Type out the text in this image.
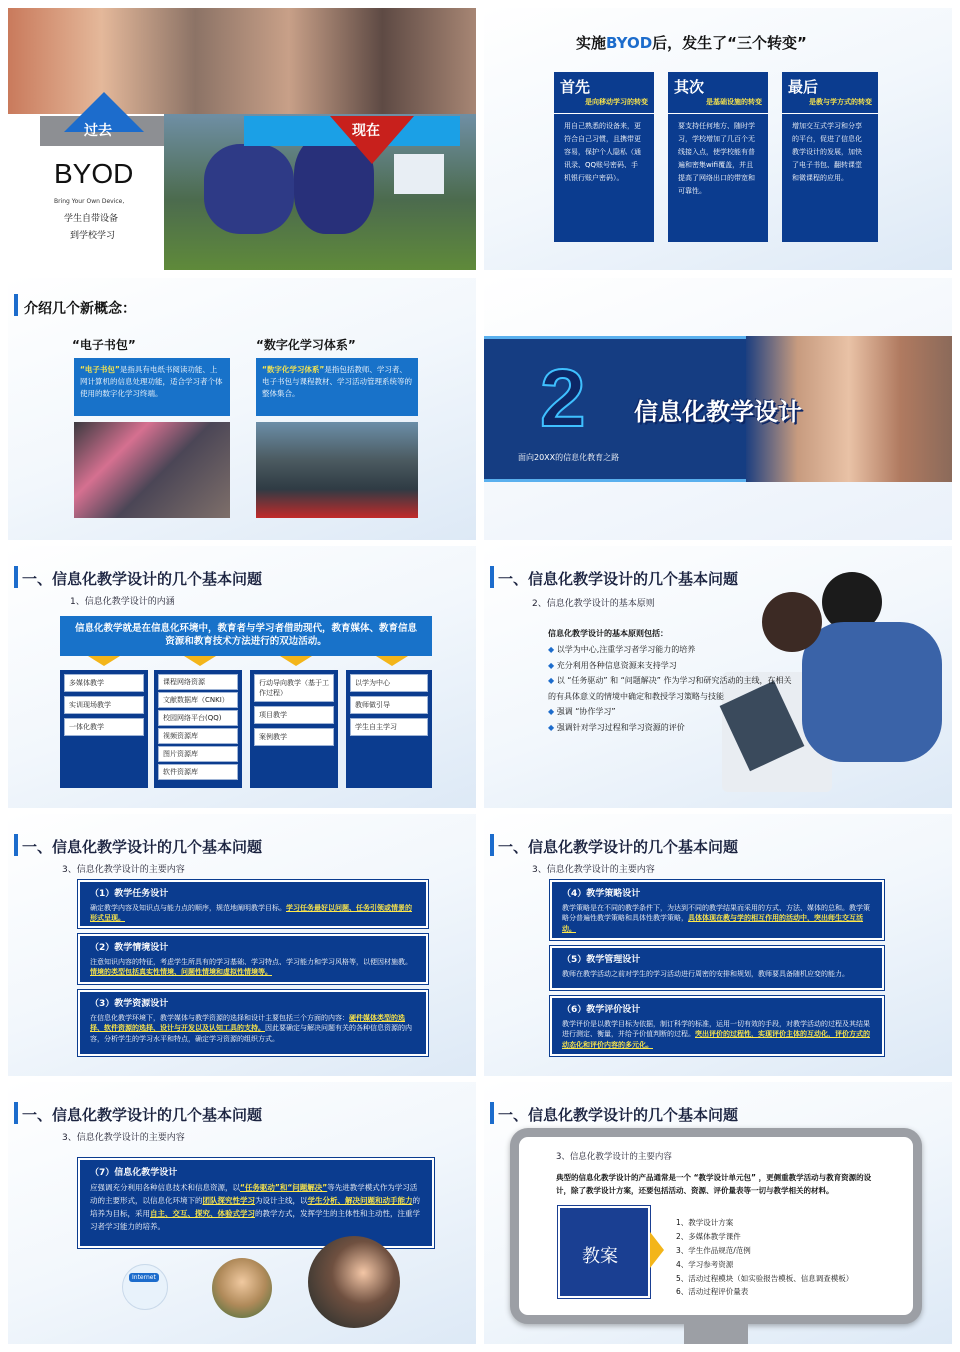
过去	现在
BYOD
Bring Your Own Device,
学生自带设备
到学校学习
实施BYOD后，发生了“三个转变”
首先
是向移动学习的转变
用自己熟悉的设备来，更符合自己习惯，且携带更容易，保护个人隐私（通讯录、QQ账号密码、手机银行账户密码）。
其次
是基础设施的转变
要支持任何地方、随时学习，学校增加了几百个无线接入点，使学校能有普遍和密集wifi覆盖，并且提高了网络出口的带宽和可靠性。
最后
是教与学方式的转变
增加交互式学习和分享的平台，促进了信息化教学设计的发展，加快了电子书包、翻转课堂和微课程的应用。
介绍几个新概念：
“电子书包”	“数字化学习体系”
“电子书包”是指具有电纸书阅读功能、上网计算机的信息处理功能，适合学习者个体使用的数字化学习终端。
“数字化学习体系”是指包括教师、学习者、电子书包与课程教材、学习活动管理系统等的整体集合。	2 信息化教学设计
面向20XX的信息化教育之路
一、信息化教学设计的几个基本问题
1、信息化教学设计的内涵
信息化教学就是在信息化环境中，教育者与学习者借助现代，教育媒体、教育信息资源和教育技术方法进行的双边活动。
多媒体教学
实训现场教学
一体化教学
课程网络资源
文献数据库（CNKI）
校园网络平台(QQ)
视频资源库
图片资源库
软件资源库
行动导向教学（基于工作过程）
项目教学
案例教学
以学为中心
教师做引导
学生自主学习
一、信息化教学设计的几个基本问题
2、信息化教学设计的基本原则
信息化教学设计的基本原则包括：
◆ 以学为中心,注重学习者学习能力的培养
◆ 充分利用各种信息资源来支持学习
◆ 以 “任务驱动” 和 “问题解决” 作为学习和研究活动的主线，在相关的有具体意义的情境中确定和教授学习策略与技能
◆ 强调 “协作学习”
◆ 强调针对学习过程和学习资源的评价
一、信息化教学设计的几个基本问题
3、信息化教学设计的主要内容
（1）教学任务设计
确定教学内容及知识点与能力点的顺序，规范地阐明教学目标。学习任务最好以问题、任务引领或情景的形式呈现。
（2）教学情境设计
注意知识内容的特征，考虑学生所具有的学习基础、学习特点、学习能力和学习风格等，以便因材施教。情境的类型包括真实性情境、问题性情境和虚拟性情境等。
（3）教学资源设计
在信息化教学环境下，教学媒体与教学资源的选择和设计主要包括三个方面的内容：硬件媒体类型的选择、软件资源的选择、设计与开发以及认知工具的支持。因此要确定与解决问题有关的各种信息资源的内容，分析学生的学习水平和特点，确定学习资源的组织方式。
一、信息化教学设计的几个基本问题
3、信息化教学设计的主要内容
（4）教学策略设计
教学策略是在不同的教学条件下，为达到不同的教学结果而采用的方式、方法、媒体的总和。教学策略分普遍性教学策略和具体性教学策略，具体体现在教与学的相互作用的活动中，突出师生交互活动。
（5）教学管理设计
教师在教学活动之前对学生的学习活动进行周密的安排和规划，教师要具备随机应变的能力。
（6）教学评价设计
教学评价是以教学目标为依据，制订科学的标准，运用一切有效的手段，对教学活动的过程及其结果进行测定、衡量，并给予价值判断的过程。突出评价的过程性，实现评价主体的互动化，评价方式的动态化和评价内容的多元化。
一、信息化教学设计的几个基本问题
3、信息化教学设计的主要内容
（7）信息化教学设计
应强调充分利用各种信息技术和信息资源，以“任务驱动”和“问题解决”等先进教学模式作为学习活动的主要形式，以信息化环境下的团队探究性学习为设计主线，以学生分析、解决问题和动手能力的培养为目标，采用自主、交互、探究、体验式学习的教学方式，发挥学生的主体性和主动性，注重学习者学习能力的培养。
Internet
一、信息化教学设计的几个基本问题
3、信息化教学设计的主要内容
典型的信息化教学设计的产品通常是一个 “教学设计单元包” ，更侧重教学活动与教育资源的设计，除了教学设计方案，还要包括活动、资源、评价量表等一切与教学相关的材料。
教案
1、教学设计方案
2、多媒体教学课件
3、学生作品规范/范例
4、学习参考资源
5、活动过程模块（如实验报告模板、信息调查模板）
6、活动过程评价量表
